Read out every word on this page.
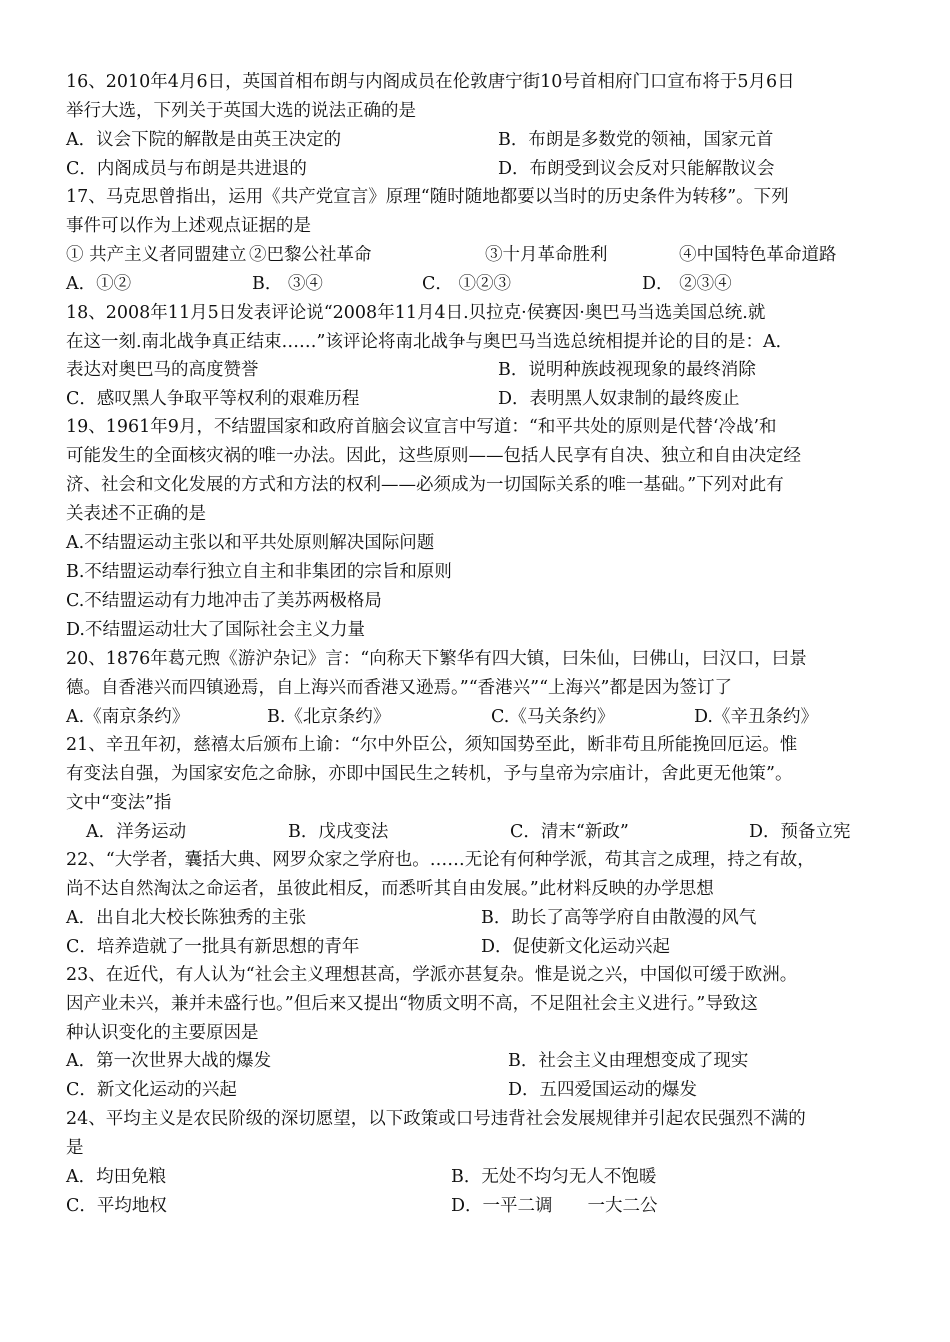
16、2010年4月6日，英国首相布朗与内阁成员在伦敦唐宁街10号首相府门口宣布将于5月6日
举行大选，下列关于英国大选的说法正确的是
A．议会下院的解散是由英王决定的	B．布朗是多数党的领袖，国家元首
C．内阁成员与布朗是共进退的	D．布朗受到议会反对只能解散议会
17、马克思曾指出，运用《共产党宣言》原理“随时随地都要以当时的历史条件为转移”。下列
事件可以作为上述观点证据的是
① 共产主义者同盟建立 ②巴黎公社革命	③十月革命胜利	④中国特色革命道路
A．①②	B． ③④	C． ①②③	D． ②③④
18、2008年11月5日发表评论说“2008年11月4日.贝拉克·侯赛因·奥巴马当选美国总统.就
在这一刻.南北战争真正结束……”该评论将南北战争与奥巴马当选总统相提并论的目的是：A．
表达对奥巴马的高度赞誉	B．说明种族歧视现象的最终消除
C．感叹黑人争取平等权利的艰难历程	D．表明黑人奴隶制的最终废止
19、1961年9月，不结盟国家和政府首脑会议宣言中写道：“和平共处的原则是代替‘冷战’和
可能发生的全面核灾祸的唯一办法。因此，这些原则——包括人民享有自决、独立和自由决定经
济、社会和文化发展的方式和方法的权利——必须成为一切国际关系的唯一基础。”下列对此有
关表述不正确的是
A.不结盟运动主张以和平共处原则解决国际问题
B.不结盟运动奉行独立自主和非集团的宗旨和原则
C.不结盟运动有力地冲击了美苏两极格局
D.不结盟运动壮大了国际社会主义力量
20、1876年葛元煦《游沪杂记》言：“向称天下繁华有四大镇，曰朱仙，曰佛山，曰汉口，曰景
德。自香港兴而四镇逊焉，自上海兴而香港又逊焉。”“香港兴”“上海兴”都是因为签订了
A.《南京条约》	B.《北京条约》	C.《马关条约》	D.《辛丑条约》
21、辛丑年初，慈禧太后颁布上谕：“尔中外臣公，须知国势至此，断非苟且所能挽回厄运。惟
有变法自强，为国家安危之命脉，亦即中国民生之转机，予与皇帝为宗庙计，舍此更无他策”。
文中“变法”指
A．洋务运动	B．戊戌变法	C．清末“新政”	D．预备立宪
22、“大学者，囊括大典、网罗众家之学府也。……无论有何种学派，苟其言之成理，持之有故，
尚不达自然淘汰之命运者，虽彼此相反，而悉听其自由发展。”此材料反映的办学思想
A．出自北大校长陈独秀的主张	B．助长了高等学府自由散漫的风气
C．培养造就了一批具有新思想的青年	D．促使新文化运动兴起
23、在近代，有人认为“社会主义理想甚高，学派亦甚复杂。惟是说之兴，中国似可缓于欧洲。
因产业未兴，兼并未盛行也。”但后来又提出“物质文明不高，不足阻社会主义进行。”导致这
种认识变化的主要原因是
A．第一次世界大战的爆发	B．社会主义由理想变成了现实
C．新文化运动的兴起	D．五四爱国运动的爆发
24、平均主义是农民阶级的深切愿望，以下政策或口号违背社会发展规律并引起农民强烈不满的
是
A．均田免粮	B．无处不均匀无人不饱暖
C．平均地权	D．一平二调　　一大二公
